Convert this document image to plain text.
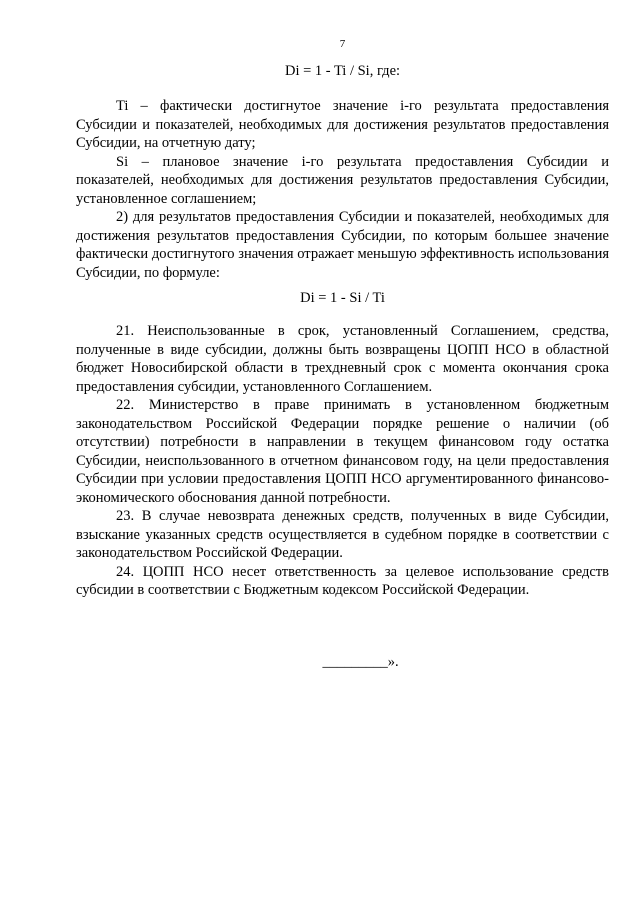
7
Di = 1 - Ti / Si, где:

Ti – фактически достигнутое значение i-го результата предоставления Субсидии и показателей, необходимых для достижения результатов предоставления Субсидии, на отчетную дату;

Si – плановое значение i-го результата предоставления Субсидии и показателей, необходимых для достижения результатов предоставления Субсидии, установленное соглашением;

2) для результатов предоставления Субсидии и показателей, необходимых для достижения результатов предоставления Субсидии, по которым большее значение фактически достигнутого значения отражает меньшую эффективность использования Субсидии, по формуле:

Di = 1 - Si / Ti

21. Неиспользованные в срок, установленный Соглашением, средства, полученные в виде субсидии, должны быть возвращены ЦОПП НСО в областной бюджет Новосибирской области в трехдневный срок с момента окончания срока предоставления субсидии, установленного Соглашением.

22. Министерство в праве принимать в установленном бюджетным законодательством Российской Федерации порядке решение о наличии (об отсутствии) потребности в направлении в текущем финансовом году остатка Субсидии, неиспользованного в отчетном финансовом году, на цели предоставления Субсидии при условии предоставления ЦОПП НСО аргументированного финансово-экономического обоснования данной потребности.

23. В случае невозврата денежных средств, полученных в виде Субсидии, взыскание указанных средств осуществляется в судебном порядке в соответствии с законодательством Российской Федерации.

24. ЦОПП НСО несет ответственность за целевое использование средств субсидии в соответствии с Бюджетным кодексом Российской Федерации.

_________».
